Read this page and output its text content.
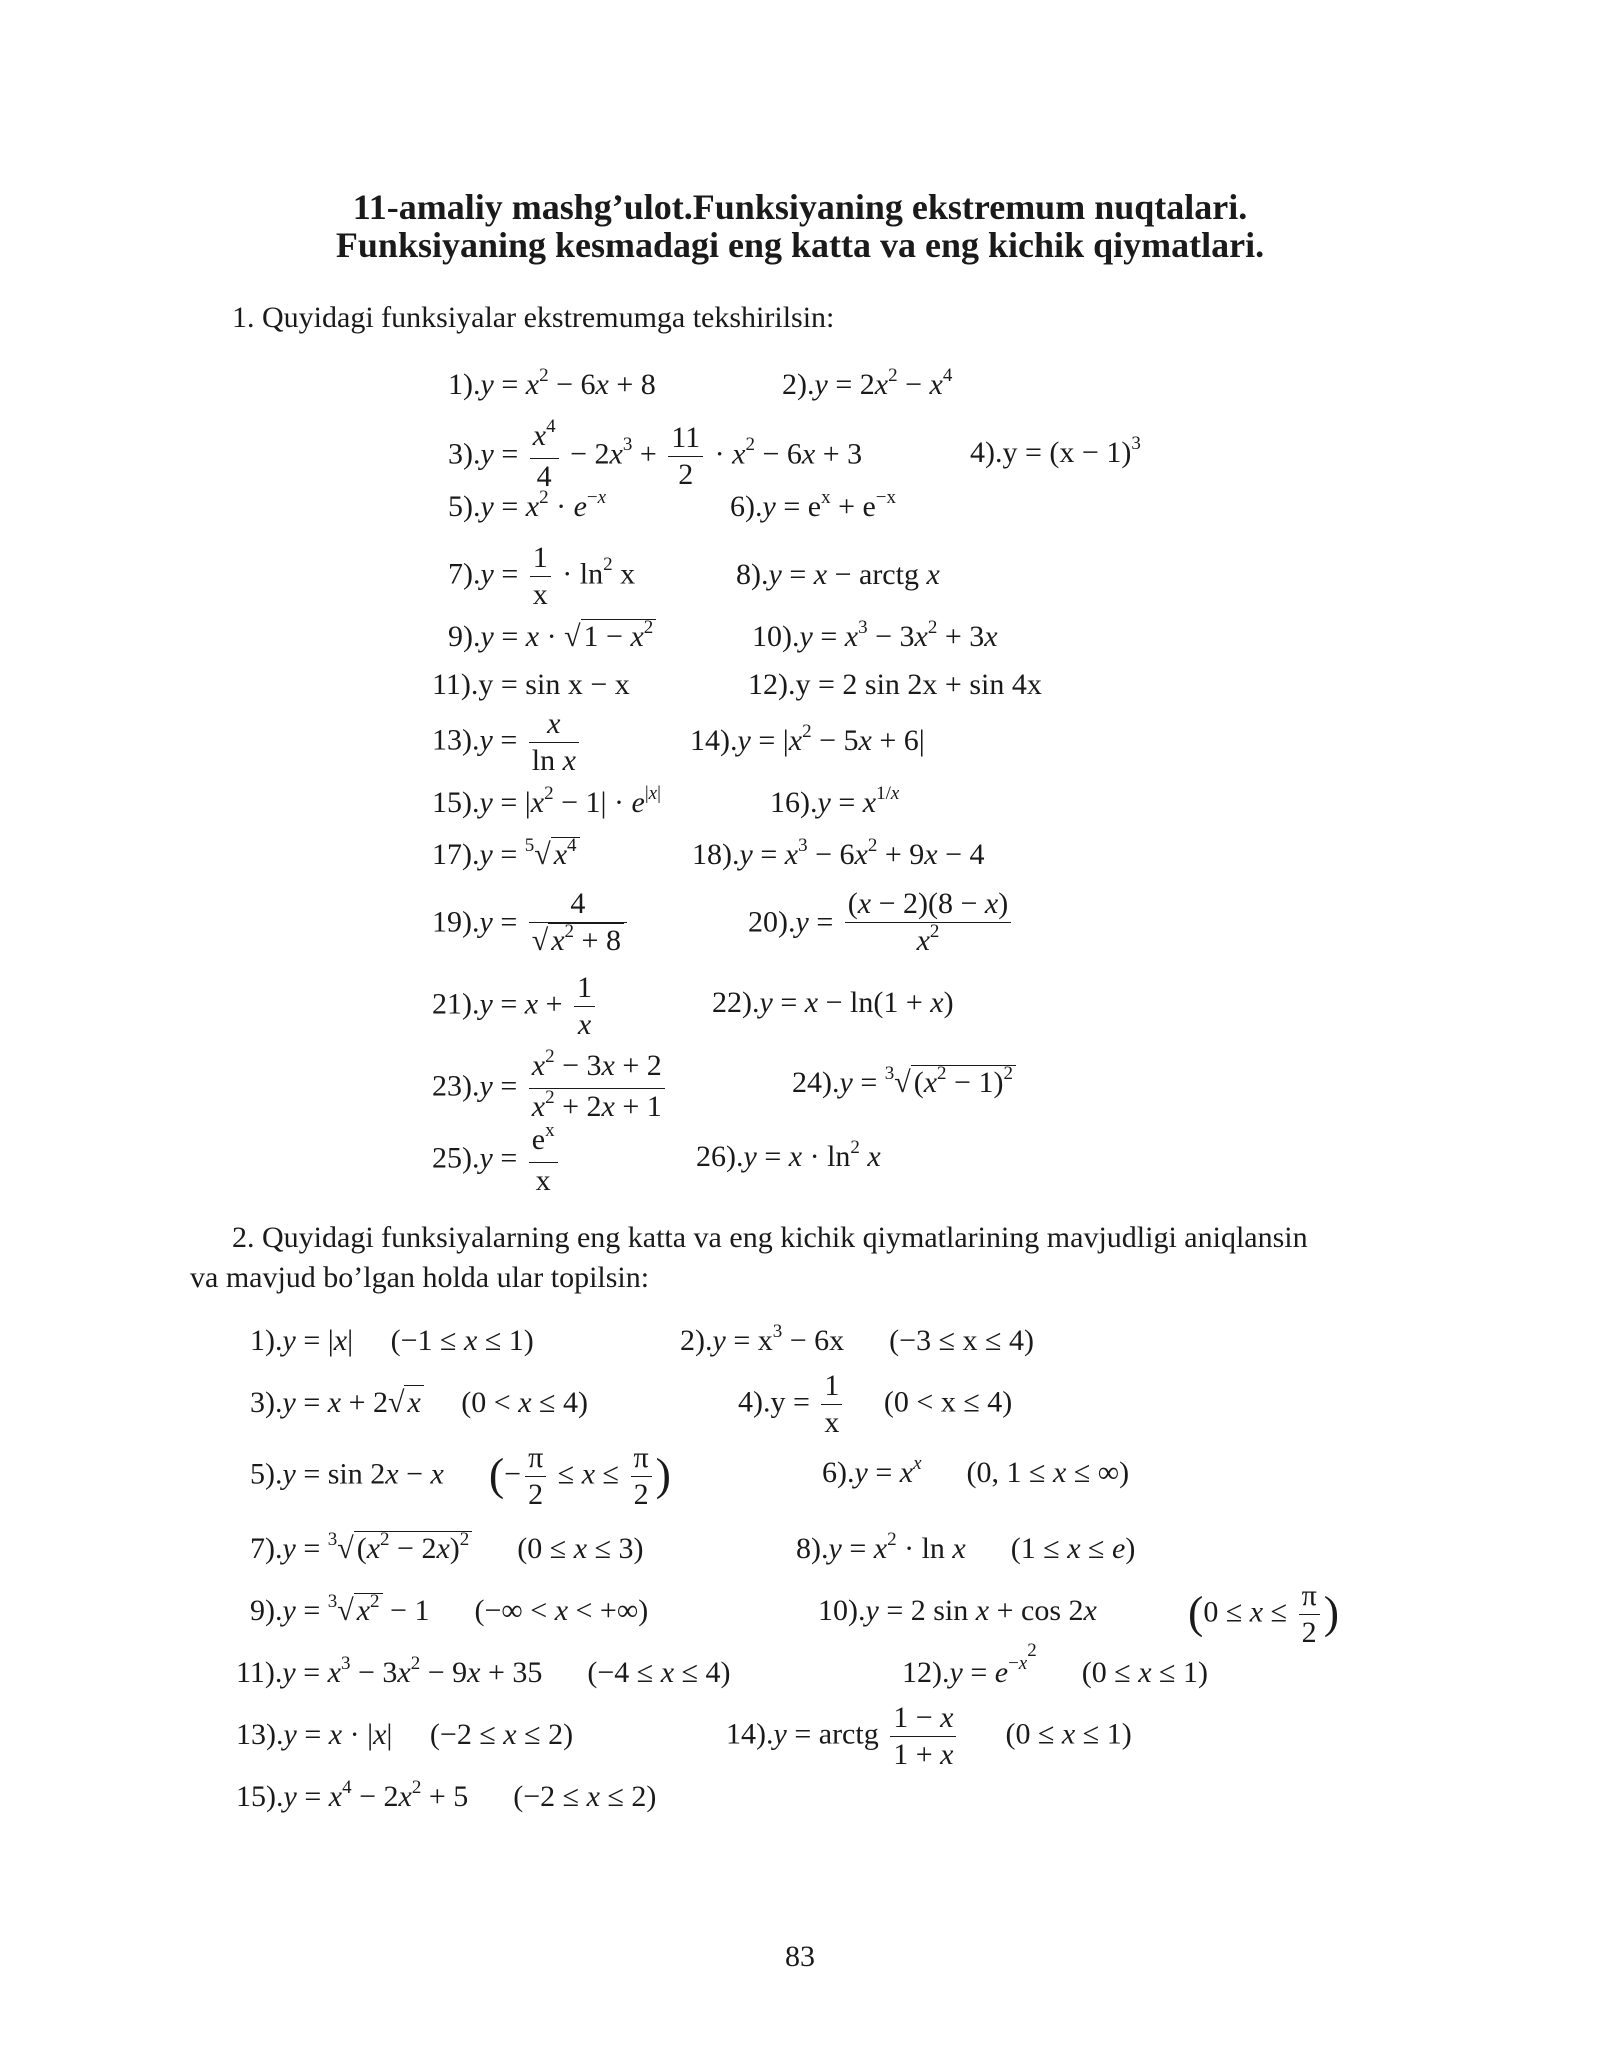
11-amaliy mashg’ulot.Funksiyaning ekstremum nuqtalari.
Funksiyaning kesmadagi eng katta va eng kichik qiymatlari.
1. Quyidagi funksiyalar ekstremumga tekshirilsin:
$1).y = x^2 - 6x + 8$	$2).y = 2x^2 - x^4$
$3).y = \frac{x^4}{4} - 2x^3 + \frac{11}{2} \cdot x^2 - 6x + 3$	$4).y = (x - 1)^3$
$5).y = x^2 \cdot e^{-x}$	$6).y = e^x + e^{-x}$
$7).y = \frac{1}{x} \cdot \ln^2 x$	8).y = x − arctg x
9).y = x · √ $1 - x^2$	$10).y = x^3 - 3x^2 + 3x$
11).y = sin x − x	12).y = 2 sin 2x + sin 4x
$13).y = \frac{x}{\text{ln x}}$	$14).y = |x^2 - 5x + 6|$
$15).y = |x^2 - 1| \cdot e^{|x|}$	$16).y = x^{1/x}$
17).y = $^5$√ $x^4$	$18).y = x^3 - 6x^2 + 9x - 4$
$19).y = \frac{4}{√ x^2 + 8}$	$20).y = \frac{(x - 2)(8 - x)}{x^2}$
$21).y = x + \frac{1}{x}$	22).y = x − ln(1 + x)
$23).y = \frac{x^2 - 3x + 2}{x^2 + 2x + 1}$	24).y = $^3$√ $(x^2 - 1)^2$
$25).y = \frac{e^x}{x}$	$26).y = x \cdot \ln^2 x$
2. Quyidagi funksiyalarning eng katta va eng kichik qiymatlarining mavjudligi aniqlansin
va mavjud bo’lgan holda ular topilsin:
1).y = |x|     (−1 ≤ x ≤ 1)	$2).y = x^3 - 6x$      (−3 ≤ x ≤ 4)
3).y = x + 2√ x     (0 < x ≤ 4)	$4).y = \frac{1}{x} (0 < x \le 4)$
5).y = sin 2x − x (− $\frac{\pi}{2} \le x \le \frac{\pi}{2}$ )	$6).y = x^x$      (0, 1 ≤ x ≤ ∞)
7).y = $^3$√ $(x^2 - 2x)^2$      (0 ≤ x ≤ 3)	$8).y = x^2 \cdot \ln x$      (1 ≤ x ≤ e)
9).y = $^3$√ $x^2 - 1$      (−∞ < x < +∞)	10).y = 2 sin x + cos 2x ($0 \le x \le \frac{\pi}{2}$ )
$11).y = x^3 - 3x^2 - 9x + 35$      (−4 ≤ x ≤ 4)	$12).y = e^{-x^2}$      (0 ≤ x ≤ 1)
13).y = x · |x|     (−2 ≤ x ≤ 2)	14).y = arctg $\frac{1 - x}{1 + x} (0 \le x \le 1)$
$15).y = x^4 - 2x^2 + 5$      (−2 ≤ x ≤ 2)
83
